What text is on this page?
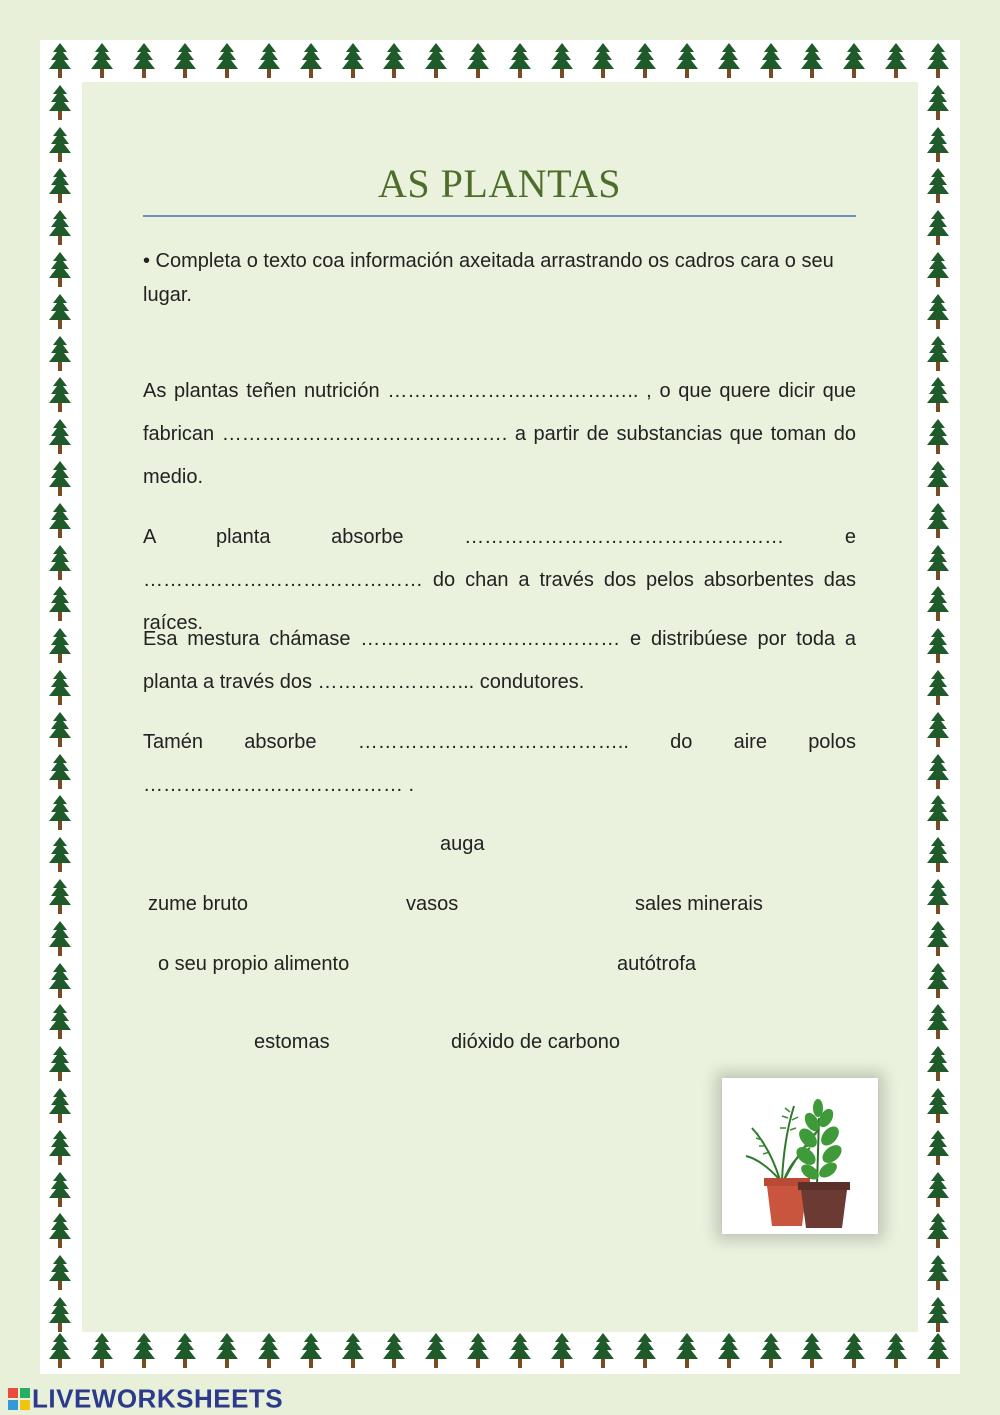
AS PLANTAS
• Completa o texto coa información axeitada arrastrando os cadros cara o seu lugar.
As plantas teñen nutrición ……………………………….. , o que quere dicir que fabrican ……………………………………. a partir de substancias que toman do medio.
A planta absorbe ………………………………………… e …………………………………… do chan a través dos pelos absorbentes das raíces.
Esa mestura chámase ………………………………… e distribúese por toda a planta a través dos …………………... condutores.
Tamén absorbe ………………………………….. do aire polos ………………………………… .
auga
zume bruto	vasos	sales minerais
o seu propio alimento	autótrofa
estomas	dióxido de carbono
LIVEWORKSHEETS
